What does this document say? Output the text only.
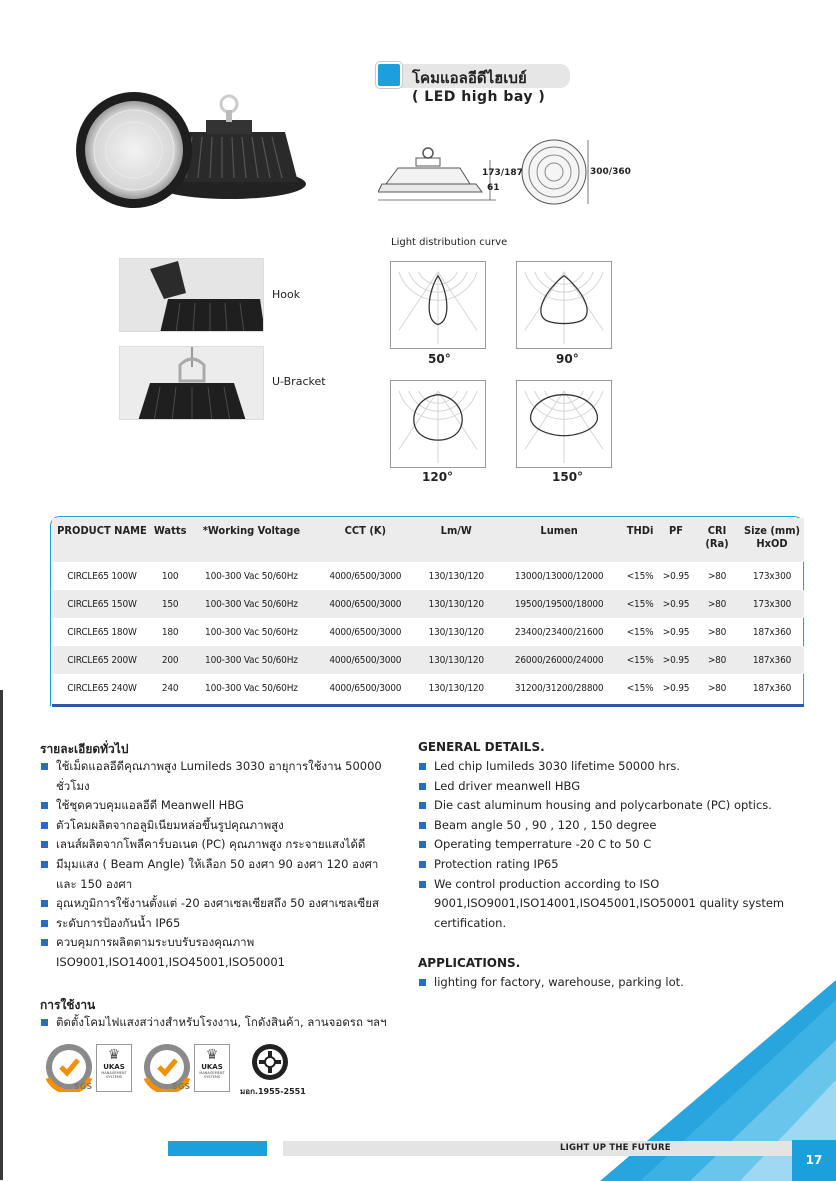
โคมแอลอีดีไฮเบย์
( LED high bay )
173/187
61
300/360
Hook
U-Bracket
Light distribution curve
50°	90°
120°	150°
PRODUCT NAME	Watts	*Working Voltage	CCT (K)	Lm/W	Lumen	THDi	PF	CRI (Ra)	Size (mm) HxOD
CIRCLE65 100W	100	100-300 Vac 50/60Hz	4000/6500/3000	130/130/120	13000/13000/12000	<15%	>0.95	>80	173x300
CIRCLE65 150W	150	100-300 Vac 50/60Hz	4000/6500/3000	130/130/120	19500/19500/18000	<15%	>0.95	>80	173x300
CIRCLE65 180W	180	100-300 Vac 50/60Hz	4000/6500/3000	130/130/120	23400/23400/21600	<15%	>0.95	>80	187x360
CIRCLE65 200W	200	100-300 Vac 50/60Hz	4000/6500/3000	130/130/120	26000/26000/24000	<15%	>0.95	>80	187x360
CIRCLE65 240W	240	100-300 Vac 50/60Hz	4000/6500/3000	130/130/120	31200/31200/28800	<15%	>0.95	>80	187x360
รายละเอียดทั่วไป
ใช้เม็ดแอลอีดีคุณภาพสูง Lumileds 3030 อายุการใช้งาน 50000 ชั่วโมง
ใช้ชุดควบคุมแอลอีดี Meanwell HBG
ตัวโคมผลิตจากอลูมิเนียมหล่อขึ้นรูปคุณภาพสูง
เลนส์ผลิตจากโพลีคาร์บอเนต (PC) คุณภาพสูง กระจายแสงได้ดี
มีมุมแสง ( Beam Angle) ให้เลือก 50 องศา 90 องศา 120 องศา และ 150 องศา
อุณหภูมิการใช้งานตั้งแต่ -20 องศาเซลเซียสถึง 50 องศาเซลเซียส
ระดับการป้องกันน้ำ IP65
ควบคุมการผลิตตามระบบรับรองคุณภาพ ISO9001,ISO14001,ISO45001,ISO50001
การใช้งาน
ติดตั้งโคมไฟแสงสว่างสำหรับโรงงาน, โกดังสินค้า, ลานจอดรถ ฯลฯ
GENERAL DETAILS.
Led chip lumileds 3030 lifetime 50000 hrs.
Led driver meanwell HBG
Die cast aluminum housing and polycarbonate (PC) optics.
Beam angle 50 , 90 , 120 , 150 degree
Operating temperrature -20 C to 50 C
Protection rating IP65
We control production according to ISO 9001,ISO9001,ISO14001,ISO45001,ISO50001 quality system certification.
APPLICATIONS.
lighting for factory, warehouse, parking lot.
SGS
♛
UKAS
MANAGEMENT SYSTEMS
SGS
♛
UKAS
MANAGEMENT SYSTEMS
มอก.1955-2551
LIGHT UP THE FUTURE
17
